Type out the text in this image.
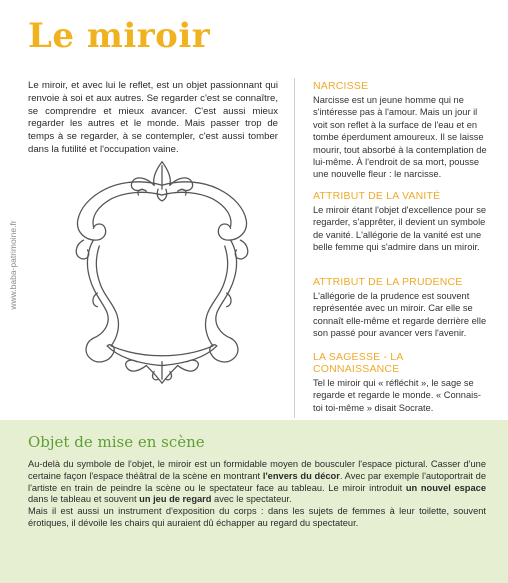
Le miroir
www.baba-patrimoine.fr
Le miroir, et avec lui le reflet, est un objet passionnant qui renvoie à soi et aux autres. Se regarder c'est se connaître, se comprendre et mieux avancer. C'est aussi mieux regarder les autres et le monde. Mais passer trop de temps à se regarder, à se contempler, c'est aussi tomber dans la futilité et l'occupation vaine.
NARCISSE
Narcisse est un jeune homme qui ne s'intéresse pas à l'amour. Mais un jour il voit son reflet à la surface de l'eau et en tombe éperdument amoureux. Il se laisse mourir, tout absorbé à la contemplation de lui-même. À l'endroit de sa mort, pousse une nouvelle fleur : le narcisse.
ATTRIBUT DE LA VANITÉ
Le miroir étant l'objet d'excellence pour se regarder, s'apprêter, il devient un symbole de vanité. L'allégorie de la vanité est une belle femme qui s'admire dans un miroir.
ATTRIBUT DE LA PRUDENCE
L'allégorie de la prudence est souvent représentée avec un miroir. Car elle se connaît elle-même et regarde derrière elle son passé pour avancer vers l'avenir.
LA SAGESSE - LA CONNAISSANCE
Tel le miroir qui « réfléchit », le sage se regarde et regarde le monde. « Connais-toi toi-même » disait Socrate.
Objet de mise en scène
Au-delà du symbole de l'objet, le miroir est un formidable moyen de bousculer l'espace pictural. Casser d'une certaine façon l'espace théâtral de la scène en montrant l'envers du décor. Avec par exemple l'autoportrait de l'artiste en train de peindre la scène ou le spectateur face au tableau. Le miroir introduit un nouvel espace dans le tableau et souvent un jeu de regard avec le spectateur.
Mais il est aussi un instrument d'exposition du corps : dans les sujets de femmes à leur toilette, souvent érotiques, il dévoile les chairs qui auraient dû échapper au regard du spectateur.
